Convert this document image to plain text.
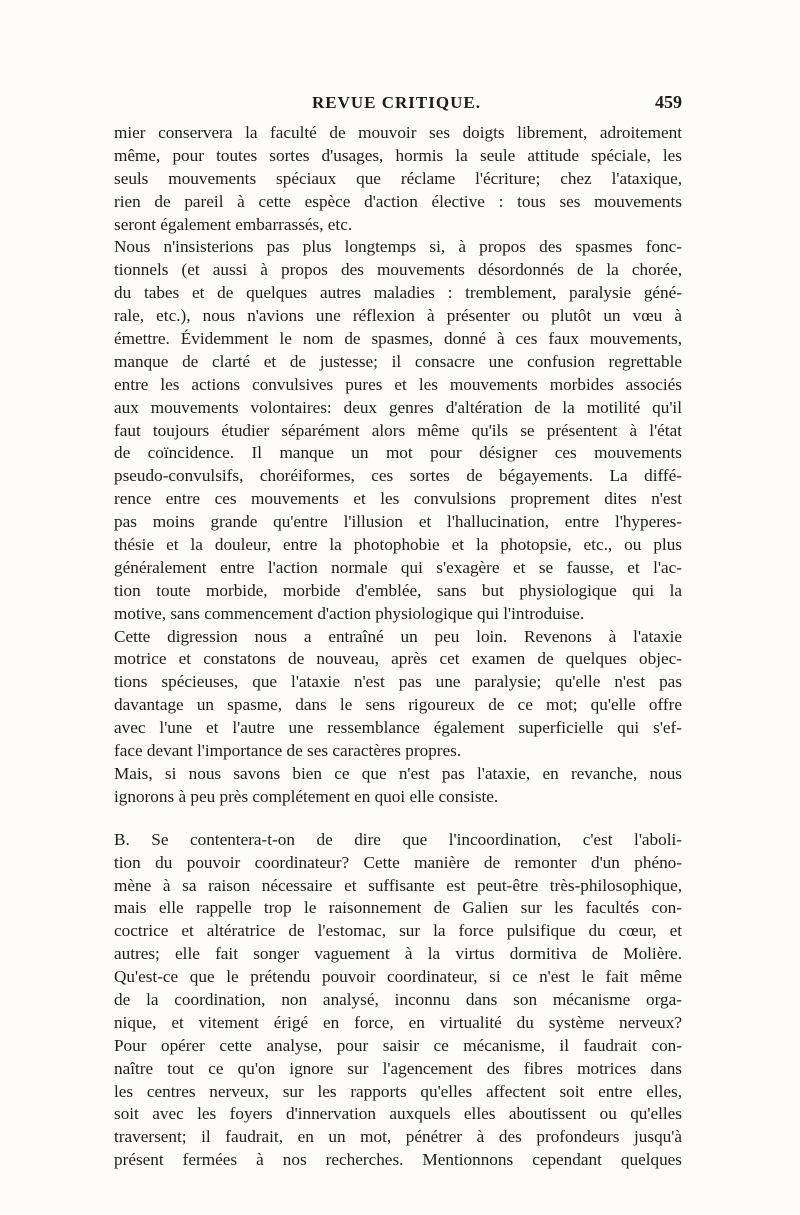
REVUE CRITIQUE.	459
mier conservera la faculté de mouvoir ses doigts librement, adroitement
même, pour toutes sortes d'usages, hormis la seule attitude spéciale, les
seuls mouvements spéciaux que réclame l'écriture; chez l'ataxique,
rien de pareil à cette espèce d'action élective : tous ses mouvements
seront également embarrassés, etc.
Nous n'insisterions pas plus longtemps si, à propos des spasmes fonc-
tionnels (et aussi à propos des mouvements désordonnés de la chorée,
du tabes et de quelques autres maladies : tremblement, paralysie géné-
rale, etc.), nous n'avions une réflexion à présenter ou plutôt un vœu à
émettre. Évidemment le nom de spasmes, donné à ces faux mouvements,
manque de clarté et de justesse; il consacre une confusion regrettable
entre les actions convulsives pures et les mouvements morbides associés
aux mouvements volontaires: deux genres d'altération de la motilité qu'il
faut toujours étudier séparément alors même qu'ils se présentent à l'état
de coïncidence. Il manque un mot pour désigner ces mouvements
pseudo-convulsifs, choréiformes, ces sortes de bégayements. La diffé-
rence entre ces mouvements et les convulsions proprement dites n'est
pas moins grande qu'entre l'illusion et l'hallucination, entre l'hyperes-
thésie et la douleur, entre la photophobie et la photopsie, etc., ou plus
généralement entre l'action normale qui s'exagère et se fausse, et l'ac-
tion toute morbide, morbide d'emblée, sans but physiologique qui la
motive, sans commencement d'action physiologique qui l'introduise.
Cette digression nous a entraîné un peu loin. Revenons à l'ataxie
motrice et constatons de nouveau, après cet examen de quelques objec-
tions spécieuses, que l'ataxie n'est pas une paralysie; qu'elle n'est pas
davantage un spasme, dans le sens rigoureux de ce mot; qu'elle offre
avec l'une et l'autre une ressemblance également superficielle qui s'ef-
face devant l'importance de ses caractères propres.
Mais, si nous savons bien ce que n'est pas l'ataxie, en revanche, nous
ignorons à peu près complétement en quoi elle consiste.
B. Se contentera-t-on de dire que l'incoordination, c'est l'aboli-
tion du pouvoir coordinateur? Cette manière de remonter d'un phéno-
mène à sa raison nécessaire et suffisante est peut-être très-philosophique,
mais elle rappelle trop le raisonnement de Galien sur les facultés con-
coctrice et altératrice de l'estomac, sur la force pulsifique du cœur, et
autres; elle fait songer vaguement à la virtus dormitiva de Molière.
Qu'est-ce que le prétendu pouvoir coordinateur, si ce n'est le fait même
de la coordination, non analysé, inconnu dans son mécanisme orga-
nique, et vitement érigé en force, en virtualité du système nerveux?
Pour opérer cette analyse, pour saisir ce mécanisme, il faudrait con-
naître tout ce qu'on ignore sur l'agencement des fibres motrices dans
les centres nerveux, sur les rapports qu'elles affectent soit entre elles,
soit avec les foyers d'innervation auxquels elles aboutissent ou qu'elles
traversent; il faudrait, en un mot, pénétrer à des profondeurs jusqu'à
présent fermées à nos recherches. Mentionnons cependant quelques
